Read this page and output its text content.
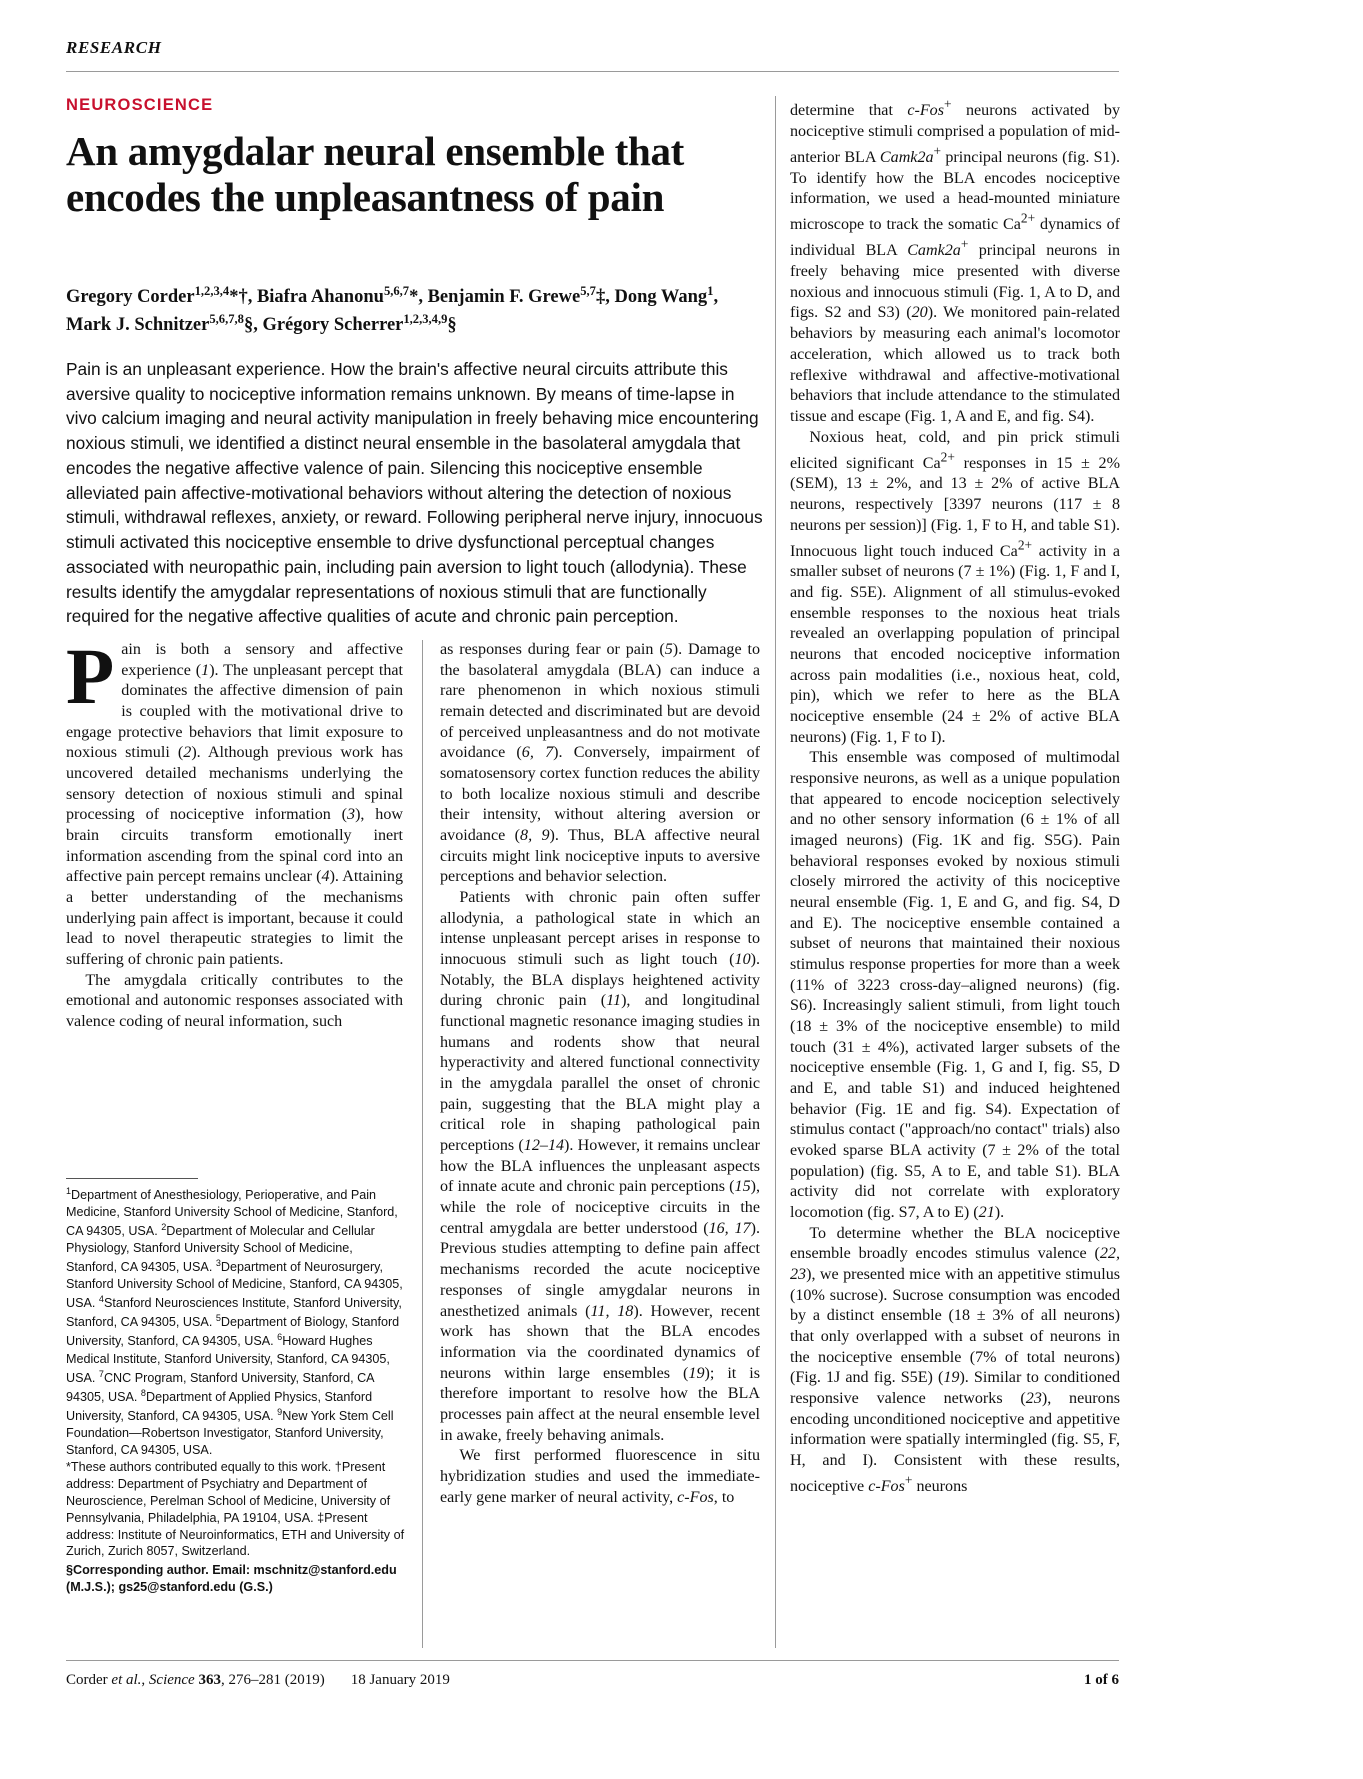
RESEARCH
NEUROSCIENCE
An amygdalar neural ensemble that encodes the unpleasantness of pain
Gregory Corder$^{1,2,3,4}$*†, Biafra Ahanonu$^{5,6,7}$*, Benjamin F. Grewe$^{5,7}$‡, Dong Wang$^1$, Mark J. Schnitzer$^{5,6,7,8}$§, Grégory Scherrer$^{1,2,3,4,9}$§
Pain is an unpleasant experience. How the brain's affective neural circuits attribute this aversive quality to nociceptive information remains unknown. By means of time-lapse in vivo calcium imaging and neural activity manipulation in freely behaving mice encountering noxious stimuli, we identified a distinct neural ensemble in the basolateral amygdala that encodes the negative affective valence of pain. Silencing this nociceptive ensemble alleviated pain affective-motivational behaviors without altering the detection of noxious stimuli, withdrawal reflexes, anxiety, or reward. Following peripheral nerve injury, innocuous stimuli activated this nociceptive ensemble to drive dysfunctional perceptual changes associated with neuropathic pain, including pain aversion to light touch (allodynia). These results identify the amygdalar representations of noxious stimuli that are functionally required for the negative affective qualities of acute and chronic pain perception.

Pain is both a sensory and affective experience (1). The unpleasant percept that dominates the affective dimension of pain is coupled with the motivational drive to engage protective behaviors that limit exposure to noxious stimuli (2). Although previous work has uncovered detailed mechanisms underlying the sensory detection of noxious stimuli and spinal processing of nociceptive information (3), how brain circuits transform emotionally inert information ascending from the spinal cord into an affective pain percept remains unclear (4). Attaining a better understanding of the mechanisms underlying pain affect is important, because it could lead to novel therapeutic strategies to limit the suffering of chronic pain patients.

The amygdala critically contributes to the emotional and autonomic responses associated with valence coding of neural information, such

as responses during fear or pain (5). Damage to the basolateral amygdala (BLA) can induce a rare phenomenon in which noxious stimuli remain detected and discriminated but are devoid of perceived unpleasantness and do not motivate avoidance (6, 7). Conversely, impairment of somatosensory cortex function reduces the ability to both localize noxious stimuli and describe their intensity, without altering aversion or avoidance (8, 9). Thus, BLA affective neural circuits might link nociceptive inputs to aversive perceptions and behavior selection.

Patients with chronic pain often suffer allodynia, a pathological state in which an intense unpleasant percept arises in response to innocuous stimuli such as light touch (10). Notably, the BLA displays heightened activity during chronic pain (11), and longitudinal functional magnetic resonance imaging studies in humans and rodents show that neural hyperactivity and altered functional connectivity in the amygdala parallel the onset of chronic pain, suggesting that the BLA might play a critical role in shaping pathological pain perceptions (12–14). However, it remains unclear how the BLA influences the unpleasant aspects of innate acute and chronic pain perceptions (15), while the role of nociceptive circuits in the central amygdala are better understood (16, 17). Previous studies attempting to define pain affect mechanisms recorded the acute nociceptive responses of single amygdalar neurons in anesthetized animals (11, 18). However, recent work has shown that the BLA encodes information via the coordinated dynamics of neurons within large ensembles (19); it is therefore important to resolve how the BLA processes pain affect at the neural ensemble level in awake, freely behaving animals.

We first performed fluorescence in situ hybridization studies and used the immediate-early gene marker of neural activity, c-Fos, to

determine that c-Fos+ neurons activated by nociceptive stimuli comprised a population of mid-anterior BLA Camk2a+ principal neurons (fig. S1). To identify how the BLA encodes nociceptive information, we used a head-mounted miniature microscope to track the somatic $Ca^{2+}$ dynamics of individual BLA Camk2a+ principal neurons in freely behaving mice presented with diverse noxious and innocuous stimuli (Fig. 1, A to D, and figs. S2 and S3) (20). We monitored pain-related behaviors by measuring each animal's locomotor acceleration, which allowed us to track both reflexive withdrawal and affective-motivational behaviors that include attendance to the stimulated tissue and escape (Fig. 1, A and E, and fig. S4).

Noxious heat, cold, and pin prick stimuli elicited significant $Ca^{2+}$ responses in 15 ± 2% (SEM), 13 ± 2%, and 13 ± 2% of active BLA neurons, respectively [3397 neurons (117 ± 8 neurons per session)] (Fig. 1, F to H, and table S1). Innocuous light touch induced $Ca^{2+}$ activity in a smaller subset of neurons (7 ± 1%) (Fig. 1, F and I, and fig. S5E). Alignment of all stimulus-evoked ensemble responses to the noxious heat trials revealed an overlapping population of principal neurons that encoded nociceptive information across pain modalities (i.e., noxious heat, cold, pin), which we refer to here as the BLA nociceptive ensemble (24 ± 2% of active BLA neurons) (Fig. 1, F to I).

This ensemble was composed of multimodal responsive neurons, as well as a unique population that appeared to encode nociception selectively and no other sensory information (6 ± 1% of all imaged neurons) (Fig. 1K and fig. S5G). Pain behavioral responses evoked by noxious stimuli closely mirrored the activity of this nociceptive neural ensemble (Fig. 1, E and G, and fig. S4, D and E). The nociceptive ensemble contained a subset of neurons that maintained their noxious stimulus response properties for more than a week (11% of 3223 cross-day–aligned neurons) (fig. S6). Increasingly salient stimuli, from light touch (18 ± 3% of the nociceptive ensemble) to mild touch (31 ± 4%), activated larger subsets of the nociceptive ensemble (Fig. 1, G and I, fig. S5, D and E, and table S1) and induced heightened behavior (Fig. 1E and fig. S4). Expectation of stimulus contact ("approach/no contact" trials) also evoked sparse BLA activity (7 ± 2% of the total population) (fig. S5, A to E, and table S1). BLA activity did not correlate with exploratory locomotion (fig. S7, A to E) (21).

To determine whether the BLA nociceptive ensemble broadly encodes stimulus valence (22, 23), we presented mice with an appetitive stimulus (10% sucrose). Sucrose consumption was encoded by a distinct ensemble (18 ± 3% of all neurons) that only overlapped with a subset of neurons in the nociceptive ensemble (7% of total neurons) (Fig. 1J and fig. S5E) (19). Similar to conditioned responsive valence networks (23), neurons encoding unconditioned nociceptive and appetitive information were spatially intermingled (fig. S5, F, H, and I). Consistent with these results, nociceptive c-Fos+ neurons

$^1$Department of Anesthesiology, Perioperative, and Pain Medicine, Stanford University School of Medicine, Stanford, CA 94305, USA. $^2$Department of Molecular and Cellular Physiology, Stanford University School of Medicine, Stanford, CA 94305, USA. $^3$Department of Neurosurgery, Stanford University School of Medicine, Stanford, CA 94305, USA. $^4$Stanford Neurosciences Institute, Stanford University, Stanford, CA 94305, USA. $^5$Department of Biology, Stanford University, Stanford, CA 94305, USA. $^6$Howard Hughes Medical Institute, Stanford University, Stanford, CA 94305, USA. $^7$CNC Program, Stanford University, Stanford, CA 94305, USA. $^8$Department of Applied Physics, Stanford University, Stanford, CA 94305, USA. $^9$New York Stem Cell Foundation—Robertson Investigator, Stanford University, Stanford, CA 94305, USA.

*These authors contributed equally to this work. †Present address: Department of Psychiatry and Department of Neuroscience, Perelman School of Medicine, University of Pennsylvania, Philadelphia, PA 19104, USA. ‡Present address: Institute of Neuroinformatics, ETH and University of Zurich, Zurich 8057, Switzerland.

§Corresponding author. Email: mschnitz@stanford.edu (M.J.S.); gs25@stanford.edu (G.S.)

Corder et al., Science 363, 276–281 (2019) 18 January 2019	1 of 6
